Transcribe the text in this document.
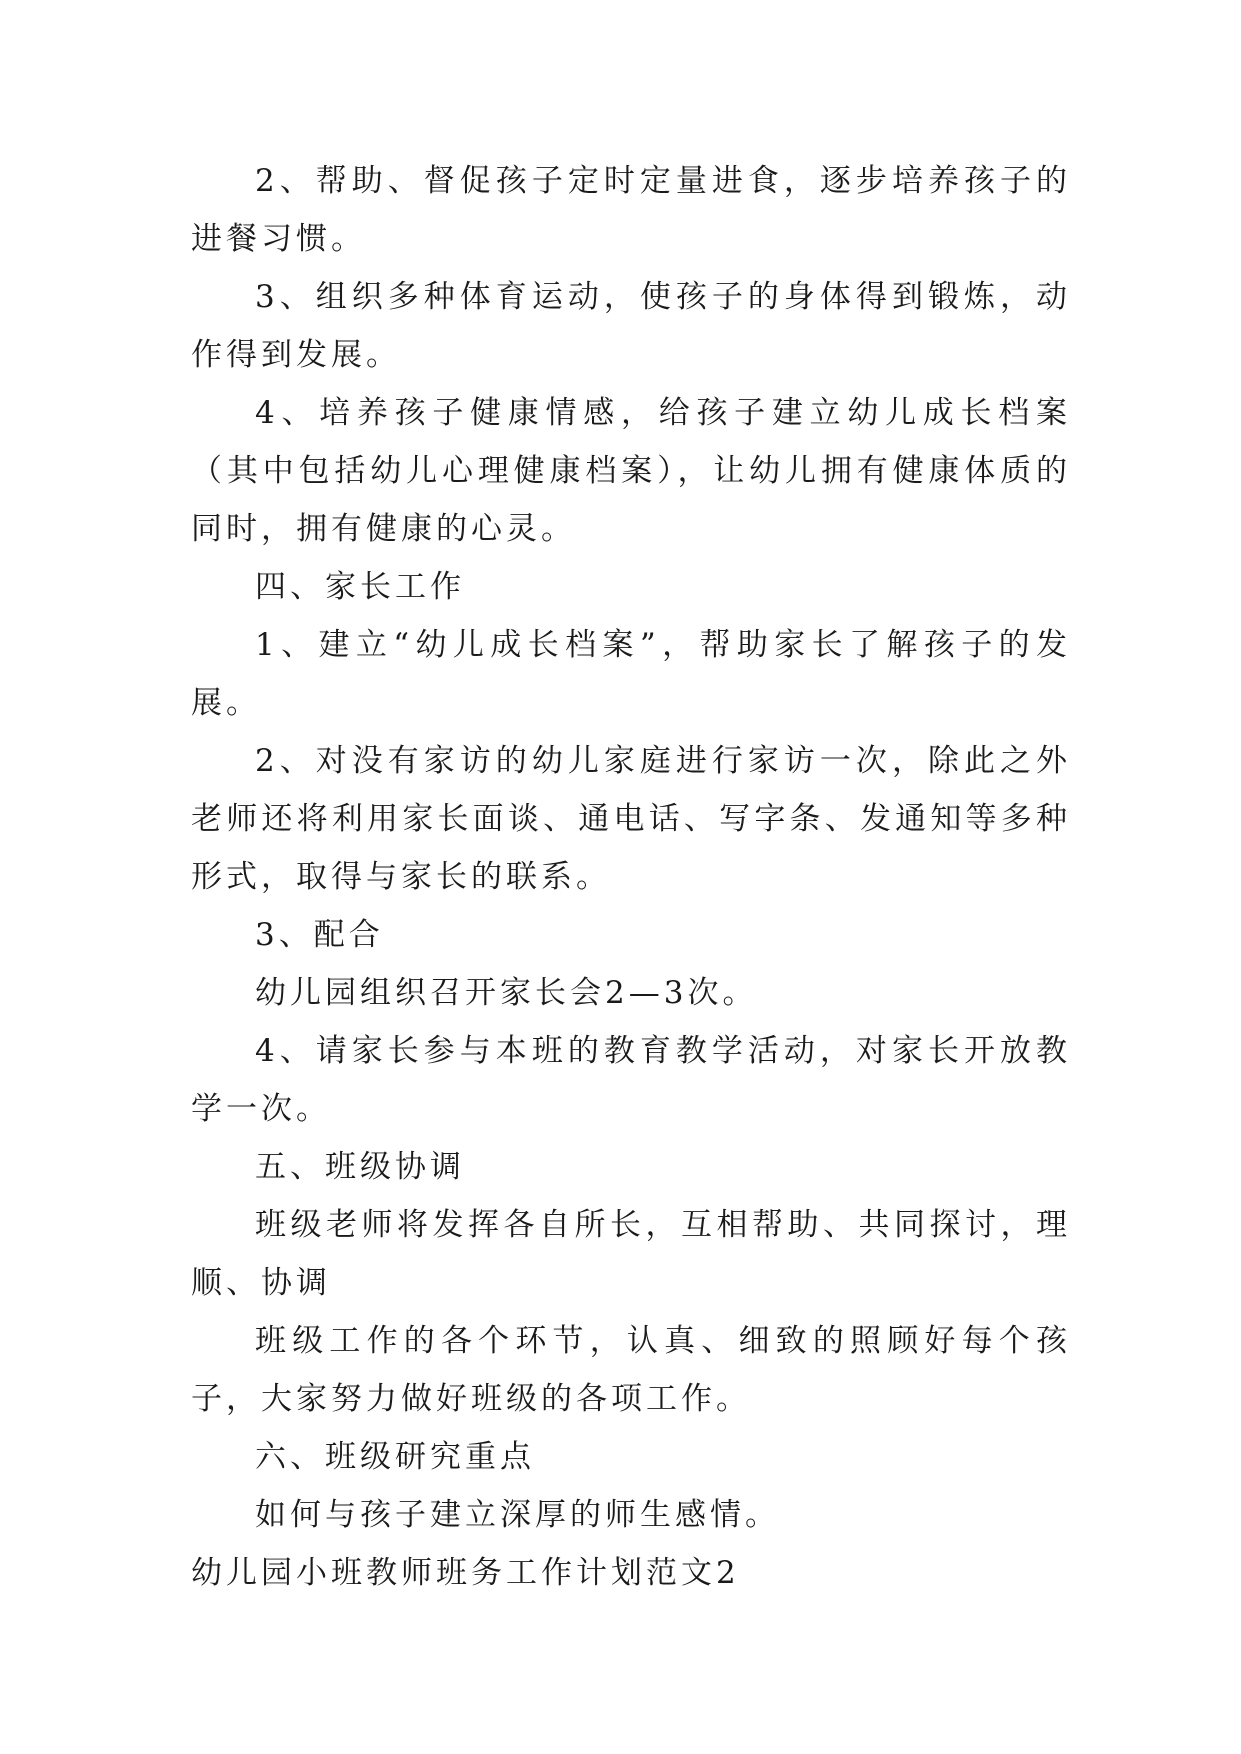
2、帮助、督促孩子定时定量进食，逐步培养孩子的进餐习惯。

3、组织多种体育运动，使孩子的身体得到锻炼，动作得到发展。

4、培养孩子健康情感，给孩子建立幼儿成长档案（其中包括幼儿心理健康档案），让幼儿拥有健康体质的同时，拥有健康的心灵。

四、家长工作

1、建立“幼儿成长档案”，帮助家长了解孩子的发展。

2、对没有家访的幼儿家庭进行家访一次，除此之外老师还将利用家长面谈、通电话、写字条、发通知等多种形式，取得与家长的联系。

3、配合

幼儿园组织召开家长会2—3次。

4、请家长参与本班的教育教学活动，对家长开放教学一次。

五、班级协调

班级老师将发挥各自所长，互相帮助、共同探讨，理顺、协调

班级工作的各个环节，认真、细致的照顾好每个孩子，大家努力做好班级的各项工作。

六、班级研究重点

如何与孩子建立深厚的师生感情。

幼儿园小班教师班务工作计划范文2
